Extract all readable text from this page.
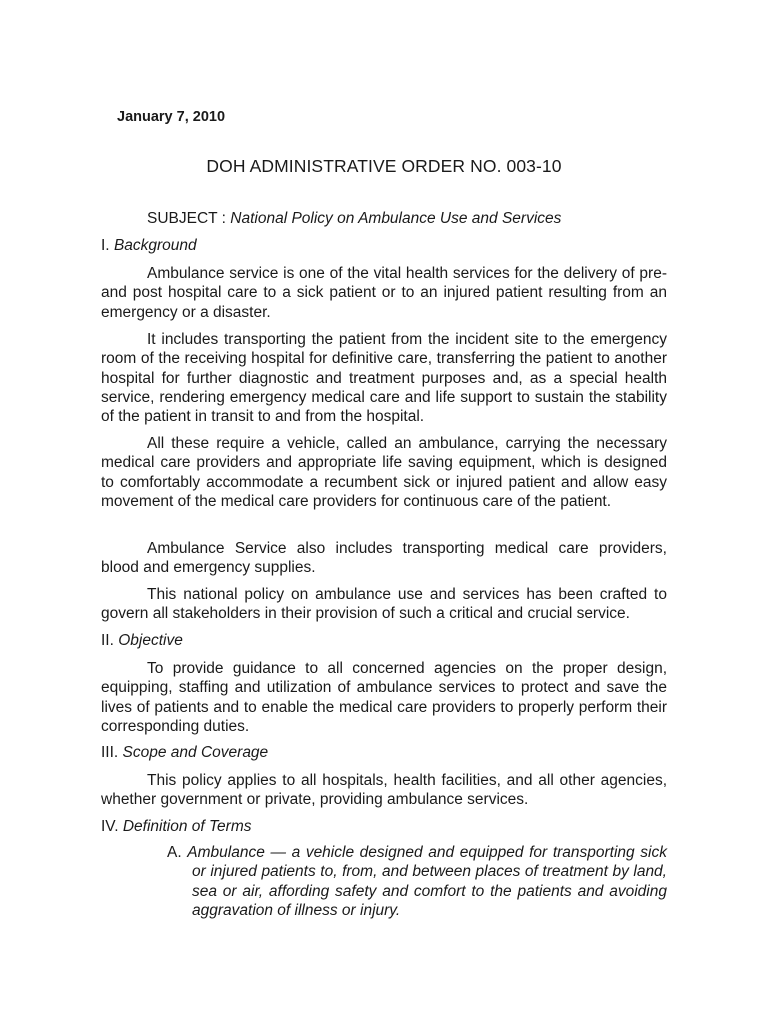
January 7, 2010
DOH ADMINISTRATIVE ORDER NO. 003-10
SUBJECT : National Policy on Ambulance Use and Services
I. Background

Ambulance service is one of the vital health services for the delivery of pre-and post hospital care to a sick patient or to an injured patient resulting from an emergency or a disaster.

It includes transporting the patient from the incident site to the emergency room of the receiving hospital for definitive care, transferring the patient to another hospital for further diagnostic and treatment purposes and, as a special health service, rendering emergency medical care and life support to sustain the stability of the patient in transit to and from the hospital.

All these require a vehicle, called an ambulance, carrying the necessary medical care providers and appropriate life saving equipment, which is designed to comfortably accommodate a recumbent sick or injured patient and allow easy movement of the medical care providers for continuous care of the patient.

Ambulance Service also includes transporting medical care providers, blood and emergency supplies.

This national policy on ambulance use and services has been crafted to govern all stakeholders in their provision of such a critical and crucial service.

II. Objective

To provide guidance to all concerned agencies on the proper design, equipping, staffing and utilization of ambulance services to protect and save the lives of patients and to enable the medical care providers to properly perform their corresponding duties.

III. Scope and Coverage

This policy applies to all hospitals, health facilities, and all other agencies, whether government or private, providing ambulance services.

IV. Definition of Terms

A. Ambulance — a vehicle designed and equipped for transporting sick or injured patients to, from, and between places of treatment by land, sea or air, affording safety and comfort to the patients and avoiding aggravation of illness or injury.
